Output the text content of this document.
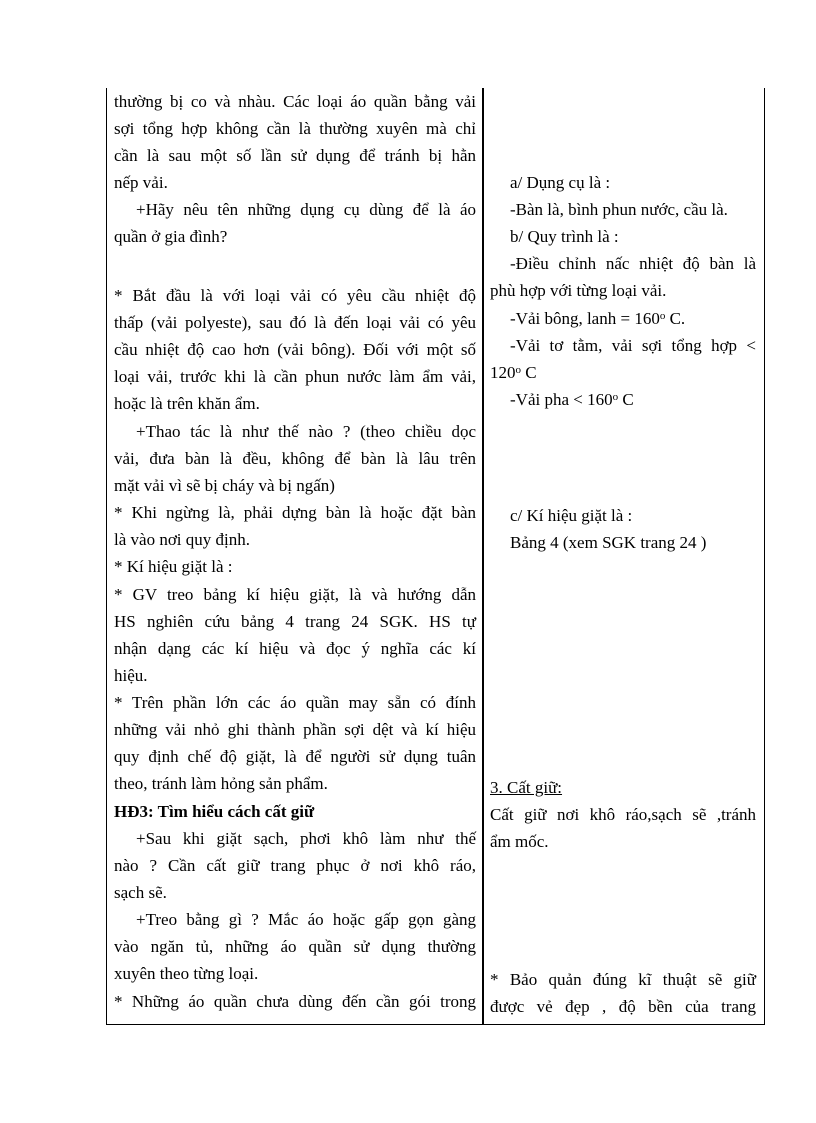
thường bị co và nhàu. Các loại áo quần bằng vải
sợi tổng hợp không cần là thường xuyên mà chỉ
cần là sau một số lần sử dụng để tránh bị hằn
nếp vải.
+Hãy nêu tên những dụng cụ dùng để là áo
quần ở gia đình?
* Bắt đầu là với loại vải có yêu cầu nhiệt độ
thấp (vải polyeste), sau đó là đến loại vải có yêu
cầu nhiệt độ cao hơn (vải bông). Đối với một số
loại vải, trước khi là cần phun nước làm ẩm vải,
hoặc là trên khăn ẩm.
+Thao tác là như thế nào ? (theo chiều dọc
vải, đưa bàn là đều, không để bàn là lâu trên
mặt vải vì sẽ bị cháy và bị ngấn)
* Khi ngừng là, phải dựng bàn là hoặc đặt bàn
là vào nơi quy định.
* Kí hiệu giặt là :
* GV treo bảng kí hiệu giặt, là và hướng dẫn
HS nghiên cứu bảng 4 trang 24 SGK. HS tự
nhận dạng các kí hiệu và đọc ý nghĩa các kí
hiệu.
* Trên phần lớn các áo quần may sẵn có đính
những vải nhỏ ghi thành phần sợi dệt và kí hiệu
quy định chế độ giặt, là để người sử dụng tuân
theo, tránh làm hỏng sản phẩm.
HĐ3: Tìm hiểu cách cất giữ
+Sau khi giặt sạch, phơi khô làm như thế
nào ? Cần cất giữ trang phục ở nơi khô ráo,
sạch sẽ.
+Treo bằng gì ? Mắc áo hoặc gấp gọn gàng
vào ngăn tủ, những áo quần sử dụng thường
xuyên theo từng loại.
* Những áo quần chưa dùng đến cần gói trong
a/ Dụng cụ là :
-Bàn là, bình phun nước, cầu là.
b/ Quy trình là :
-Điều chỉnh nấc nhiệt độ bàn là
phù hợp với từng loại vải.
-Vải bông, lanh = $160^o$ C.
-Vải tơ tằm, vải sợi tổng hợp <
$120^o$ C
-Vải pha < $160^o$ C
c/ Kí hiệu giặt là :
Bảng 4 (xem SGK trang 24 )
3. Cất giữ:
Cất giữ nơi khô ráo,sạch sẽ ,tránh
ẩm mốc.
* Bảo quản đúng kĩ thuật sẽ giữ
được vẻ đẹp , độ bền của trang
